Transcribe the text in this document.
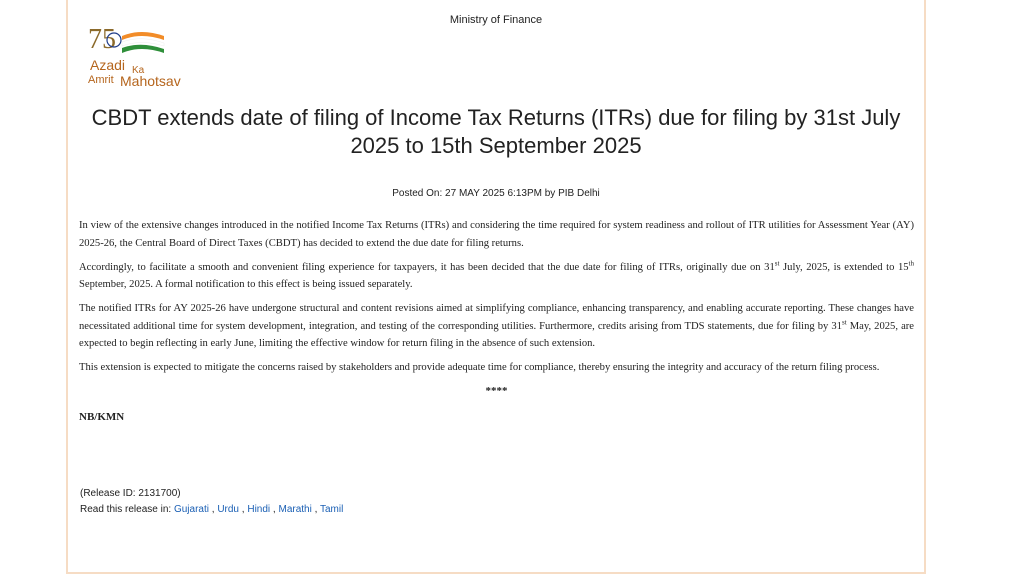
Ministry of Finance
75
Azadi Ka
Amrit Mahotsav
CBDT extends date of filing of Income Tax Returns (ITRs) due for filing by 31st July 2025 to 15th September 2025
Posted On: 27 MAY 2025 6:13PM by PIB Delhi

In view of the extensive changes introduced in the notified Income Tax Returns (ITRs) and considering the time required for system readiness and rollout of ITR utilities for Assessment Year (AY) 2025-26, the Central Board of Direct Taxes (CBDT) has decided to extend the due date for filing returns.

Accordingly, to facilitate a smooth and convenient filing experience for taxpayers, it has been decided that the due date for filing of ITRs, originally due on 31st July, 2025, is extended to 15th September, 2025. A formal notification to this effect is being issued separately.

The notified ITRs for AY 2025-26 have undergone structural and content revisions aimed at simplifying compliance, enhancing transparency, and enabling accurate reporting. These changes have necessitated additional time for system development, integration, and testing of the corresponding utilities. Furthermore, credits arising from TDS statements, due for filing by 31st May, 2025, are expected to begin reflecting in early June, limiting the effective window for return filing in the absence of such extension.

This extension is expected to mitigate the concerns raised by stakeholders and provide adequate time for compliance, thereby ensuring the integrity and accuracy of the return filing process.

****
NB/KMN
(Release ID: 2131700)
Read this release in: Gujarati , Urdu , Hindi , Marathi , Tamil
